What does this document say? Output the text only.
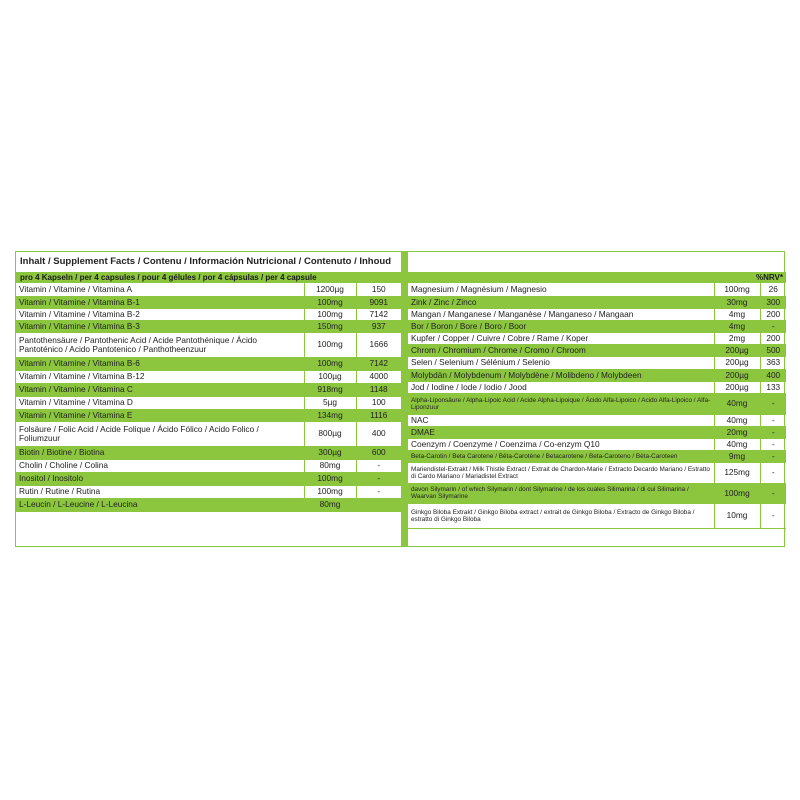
Inhalt / Supplement Facts / Contenu / Información Nutricional / Contenuto / Inhoud
pro 4 Kapseln / per 4 capsules / pour 4 gélules / por 4 cápsulas / per 4 capsule
Vitamin / Vitamine / Vitamina A	1200µg	150
Vitamin / Vitamine / Vitamina B-1	100mg	9091
Vitamin / Vitamine / Vitamina B-2	100mg	7142
Vitamin / Vitamine / Vitamina B-3	150mg	937
Pantothensäure / Pantothenic Acid / Acide Pantothénique / Ácido Pantoténico / Acido Pantotenico / Panthotheenzuur	100mg	1666
Vitamin / Vitamine / Vitamina B-6	100mg	7142
Vitamin / Vitamine / Vitamina B-12	100µg	4000
Vitamin / Vitamine / Vitamina C	918mg	1148
Vitamin / Vitamine / Vitamina D	5µg	100
Vitamin / Vitamine / Vitamina E	134mg	1116
Folsäure / Folic Acid / Acide Folique / Ácido Fólico / Acido Folico / Foliumzuur	800µg	400
Biotin / Biotine / Biotina	300µg	600
Cholin / Choline / Colina	80mg	-
Inositol / Inositolo	100mg	-
Rutin / Rutine / Rutina	100mg	-
L-Leucin / L-Leucine / L-Leucina	80mg	
%NRV*
Magnesium / Magnésium / Magnesio	100mg	26
Zink / Zinc / Zinco	30mg	300
Mangan / Manganese / Manganèse / Manganeso / Mangaan	4mg	200
Bor / Boron / Bore / Boro / Boor	4mg	-
Kupfer / Copper / Cuivre / Cobre / Rame / Koper	2mg	200
Chrom / Chromium / Chrome / Cromo / Chroom	200µg	500
Selen / Selenium / Sélénium / Selenio	200µg	363
Molybdän / Molybdenum / Molybdène / Molibdeno / Molybdeen	200µg	400
Jod / Iodine / Iode / Iodio / Jood	200µg	133
Alpha-Liponsäure / Alpha-Lipoic Acid / Acide Alpha-Lipoique / Ácido Alfa-Lipoico / Acido Alfa-Lipoico / Alfa-Liponzuur	40mg	-
NAC	40mg	-
DMAE	20mg	-
Coenzym / Coenzyme / Coenzima / Co-enzym Q10	40mg	-
Beta-Carotin / Beta Carotene / Bêta-Carotène / Betacarotene / Beta-Caroteno / Bèta-Caroteen	9mg	-
Mariendistel-Extrakt / Milk Thistle Extract / Extrait de Chardon-Marie / Extracto Decardo Mariano / Estratto di Cardo Mariano / Mariadistel Extract	125mg	-
davon Silymarin / of which Silymarin / dont Silymarine / de los cuales Silimarina / di cui Silimarina / Waarvan Silymarine	100mg	-
Ginkgo Biloba Extrakt / Ginkgo Biloba extract / extrait de Ginkgo Biloba / Extracto de Ginkgo Biloba / estratto di Ginkgo Biloba	10mg	-
